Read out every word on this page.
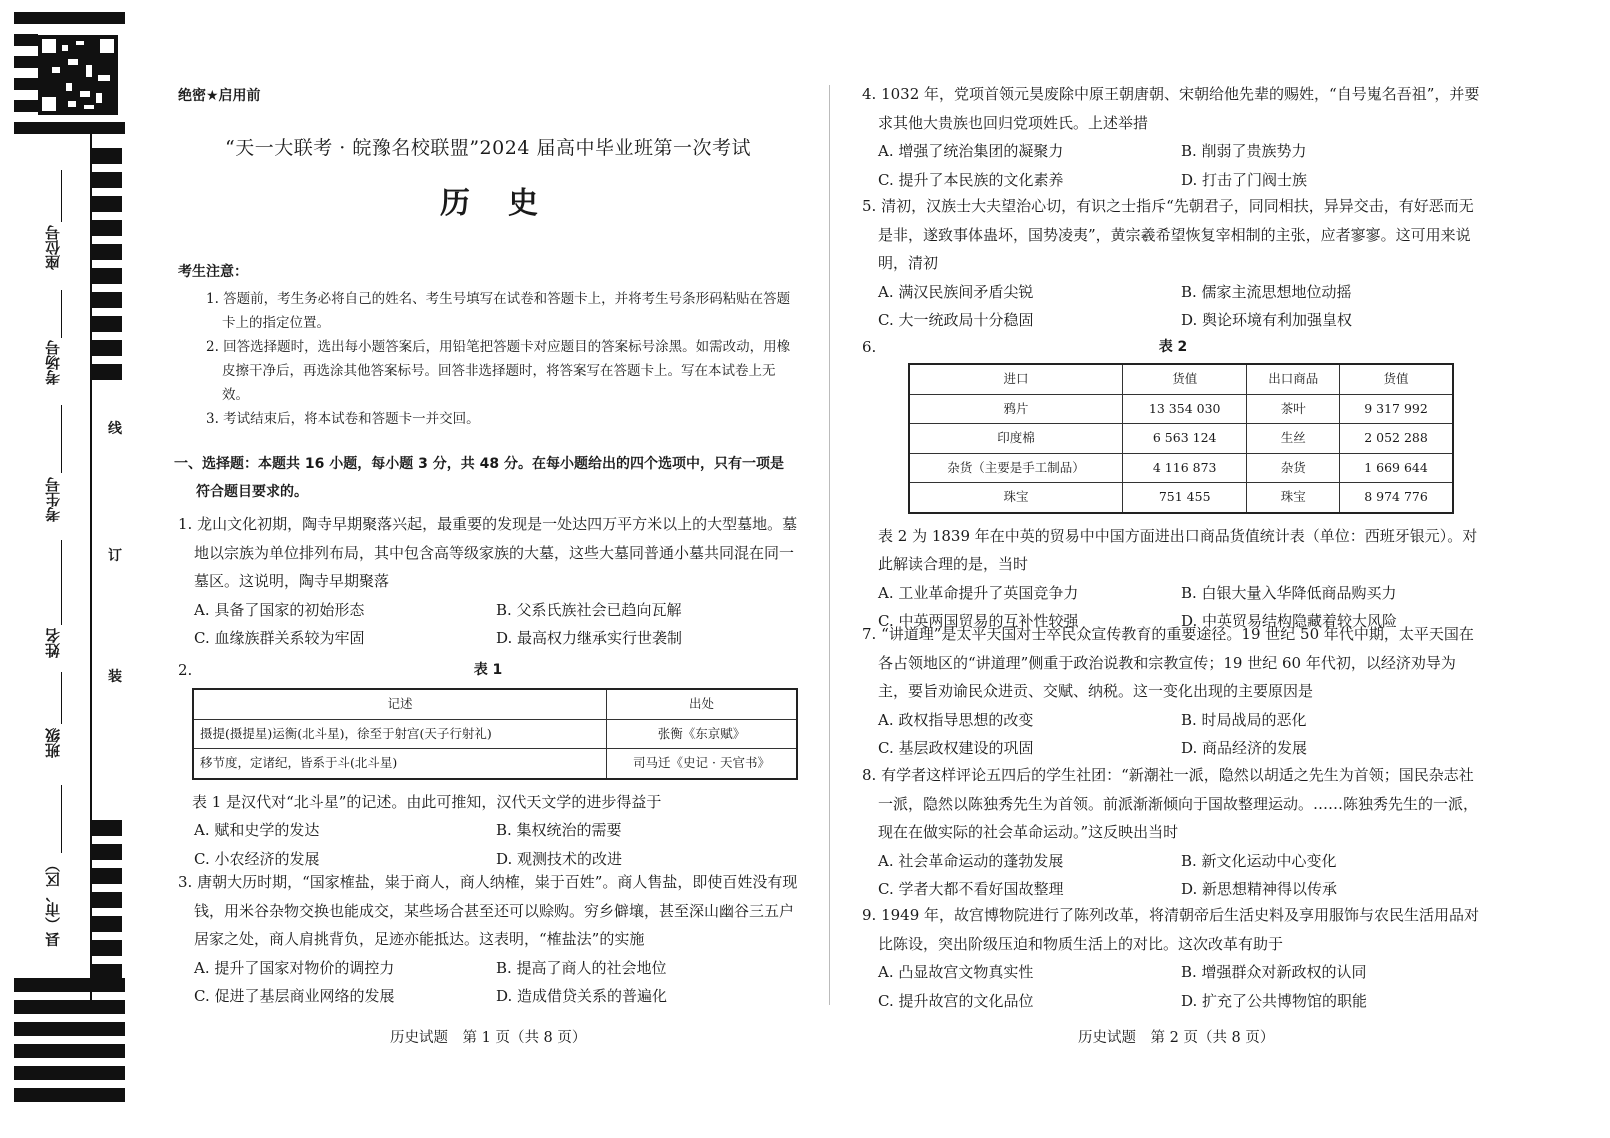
座位号
考场号
考生号
姓名
班级
县（市、区）
线
订
装
绝密★启用前
“天一大联考 · 皖豫名校联盟”2024 届高中毕业班第一次考试
历史
考生注意：
1. 答题前，考生务必将自己的姓名、考生号填写在试卷和答题卡上，并将考生号条形码粘贴在答题卡上的指定位置。
2. 回答选择题时，选出每小题答案后，用铅笔把答题卡对应题目的答案标号涂黑。如需改动，用橡皮擦干净后，再选涂其他答案标号。回答非选择题时，将答案写在答题卡上。写在本试卷上无效。
3. 考试结束后，将本试卷和答题卡一并交回。
一、选择题：本题共 16 小题，每小题 3 分，共 48 分。在每小题给出的四个选项中，只有一项是
符合题目要求的。
1. 龙山文化初期，陶寺早期聚落兴起，最重要的发现是一处达四万平方米以上的大型墓地。墓地以宗族为单位排列布局，其中包含高等级家族的大墓，这些大墓同普通小墓共同混在同一墓区。这说明，陶寺早期聚落
A. 具备了国家的初始形态	B. 父系氏族社会已趋向瓦解
C. 血缘族群关系较为牢固	D. 最高权力继承实行世袭制
2.	表 1
记述	出处
摄提(摄提星)运衡(北斗星)，徐至于射宫(天子行射礼)	张衡《东京赋》
移节度，定诸纪，皆系于斗(北斗星)	司马迁《史记 · 天官书》
表 1 是汉代对“北斗星”的记述。由此可推知，汉代天文学的进步得益于
A. 赋和史学的发达	B. 集权统治的需要
C. 小农经济的发展	D. 观测技术的改进
3. 唐朝大历时期，“国家榷盐，粜于商人，商人纳榷，粜于百姓”。商人售盐，即使百姓没有现钱，用米谷杂物交换也能成交，某些场合甚至还可以赊购。穷乡僻壤，甚至深山幽谷三五户居家之处，商人肩挑背负，足迹亦能抵达。这表明，“榷盐法”的实施
A. 提升了国家对物价的调控力	B. 提高了商人的社会地位
C. 促进了基层商业网络的发展	D. 造成借贷关系的普遍化
历史试题　第 1 页（共 8 页）
4. 1032 年，党项首领元昊废除中原王朝唐朝、宋朝给他先辈的赐姓，“自号嵬名吾祖”，并要求其他大贵族也回归党项姓氏。上述举措
A. 增强了统治集团的凝聚力	B. 削弱了贵族势力
C. 提升了本民族的文化素养	D. 打击了门阀士族
5. 清初，汉族士大夫望治心切，有识之士指斥“先朝君子，同同相扶，异异交击，有好恶而无是非，遂致事体蛊坏，国势凌夷”，黄宗羲希望恢复宰相制的主张，应者寥寥。这可用来说明，清初
A. 满汉民族间矛盾尖锐	B. 儒家主流思想地位动摇
C. 大一统政局十分稳固	D. 舆论环境有利加强皇权
6.	表 2
进口	货值	出口商品	货值
鸦片	13 354 030	茶叶	9 317 992
印度棉	6 563 124	生丝	2 052 288
杂货（主要是手工制品）	4 116 873	杂货	1 669 644
珠宝	751 455	珠宝	8 974 776
表 2 为 1839 年在中英的贸易中中国方面进出口商品货值统计表（单位：西班牙银元）。对此解读合理的是，当时
A. 工业革命提升了英国竞争力	B. 白银大量入华降低商品购买力
C. 中英两国贸易的互补性较强	D. 中英贸易结构隐藏着较大风险
7. “讲道理”是太平天国对士卒民众宣传教育的重要途径。19 世纪 50 年代中期，太平天国在各占领地区的“讲道理”侧重于政治说教和宗教宣传；19 世纪 60 年代初，以经济劝导为主，要旨劝谕民众进贡、交赋、纳税。这一变化出现的主要原因是
A. 政权指导思想的改变	B. 时局战局的恶化
C. 基层政权建设的巩固	D. 商品经济的发展
8. 有学者这样评论五四后的学生社团：“新潮社一派，隐然以胡适之先生为首领；国民杂志社一派，隐然以陈独秀先生为首领。前派渐渐倾向于国故整理运动。……陈独秀先生的一派，现在在做实际的社会革命运动。”这反映出当时
A. 社会革命运动的蓬勃发展	B. 新文化运动中心变化
C. 学者大都不看好国故整理	D. 新思想精神得以传承
9. 1949 年，故宫博物院进行了陈列改革，将清朝帝后生活史料及享用服饰与农民生活用品对比陈设，突出阶级压迫和物质生活上的对比。这次改革有助于
A. 凸显故宫文物真实性	B. 增强群众对新政权的认同
C. 提升故宫的文化品位	D. 扩充了公共博物馆的职能
历史试题　第 2 页（共 8 页）
